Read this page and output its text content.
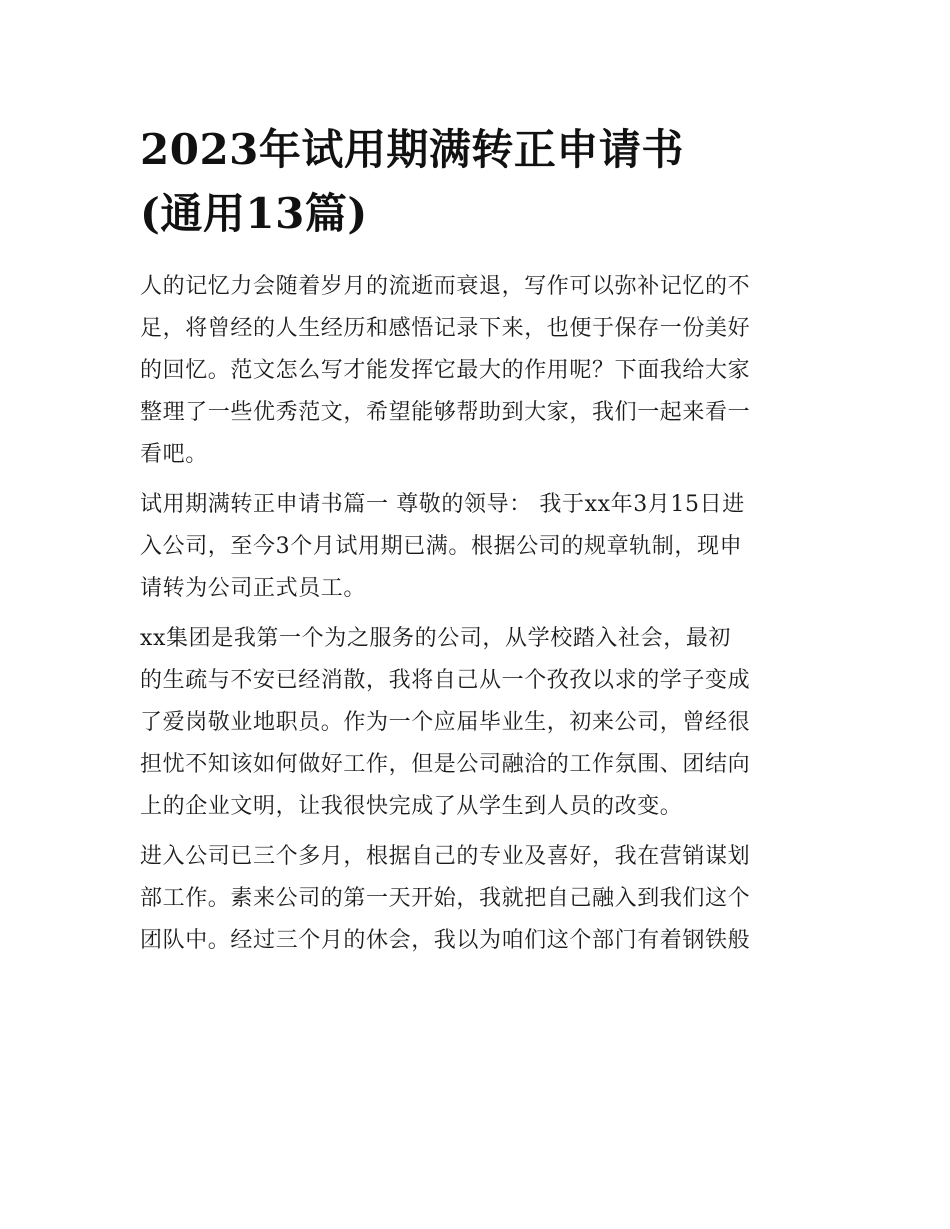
2023年试用期满转正申请书
(通用13篇)

人的记忆力会随着岁月的流逝而衰退，写作可以弥补记忆的不
足，将曾经的人生经历和感悟记录下来，也便于保存一份美好
的回忆。范文怎么写才能发挥它最大的作用呢？下面我给大家
整理了一些优秀范文，希望能够帮助到大家，我们一起来看一
看吧。

试用期满转正申请书篇一 尊敬的领导： 我于xx年3月15日进
入公司，至今3个月试用期已满。根据公司的规章轨制，现申
请转为公司正式员工。

xx集团是我第一个为之服务的公司，从学校踏入社会，最初
的生疏与不安已经消散，我将自己从一个孜孜以求的学子变成
了爱岗敬业地职员。作为一个应届毕业生，初来公司，曾经很
担忧不知该如何做好工作，但是公司融洽的工作氛围、团结向
上的企业文明，让我很快完成了从学生到人员的改变。

进入公司已三个多月，根据自己的专业及喜好，我在营销谋划
部工作。素来公司的第一天开始，我就把自己融入到我们这个
团队中。经过三个月的休会，我以为咱们这个部门有着钢铁般
